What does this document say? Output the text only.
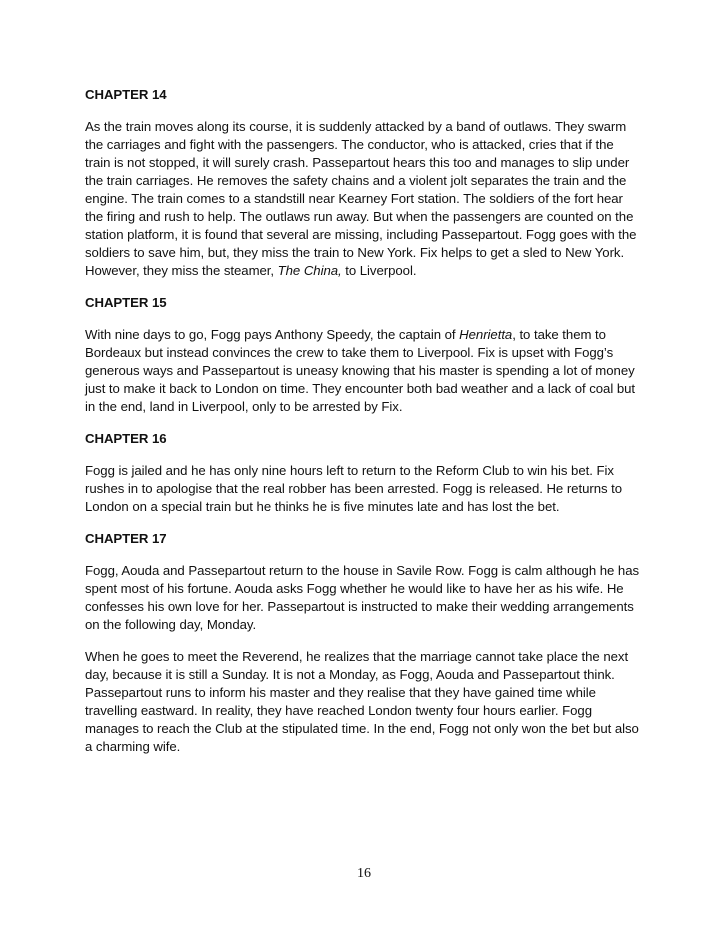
CHAPTER 14
As the train moves along its course, it is suddenly attacked by a band of outlaws. They swarm
the carriages and fight with the passengers. The conductor, who is attacked, cries that if the
train is not stopped, it will surely crash. Passepartout hears this too and manages to slip under
the train carriages. He removes the safety chains and a violent jolt separates the train and the
engine. The train comes to a standstill near Kearney Fort station. The soldiers of the fort hear
the firing and rush to help. The outlaws run away. But when the passengers are counted on the
station platform, it is found that several are missing, including Passepartout. Fogg goes with the
soldiers to save him, but, they miss the train to New York. Fix helps to get a sled to New York.
However, they miss the steamer, The China, to Liverpool.
CHAPTER 15
With nine days to go, Fogg pays Anthony Speedy, the captain of Henrietta, to take them to
Bordeaux but instead convinces the crew to take them to Liverpool. Fix is upset with Fogg’s
generous ways and Passepartout is uneasy knowing that his master is spending a lot of money
just to make it back to London on time. They encounter both bad weather and a lack of coal but
in the end, land in Liverpool, only to be arrested by Fix.
CHAPTER 16
Fogg is jailed and he has only nine hours left to return to the Reform Club to win his bet. Fix
rushes in to apologise that the real robber has been arrested. Fogg is released. He returns to
London on a special train but he thinks he is five minutes late and has lost the bet.
CHAPTER 17
Fogg, Aouda and Passepartout return to the house in Savile Row. Fogg is calm although he has
spent most of his fortune. Aouda asks Fogg whether he would like to have her as his wife. He
confesses his own love for her. Passepartout is instructed to make their wedding arrangements
on the following day, Monday.
When he goes to meet the Reverend, he realizes that the marriage cannot take place the next
day, because it is still a Sunday. It is not a Monday, as Fogg, Aouda and Passepartout think.
Passepartout runs to inform his master and they realise that they have gained time while
travelling eastward. In reality, they have reached London twenty four hours earlier. Fogg
manages to reach the Club at the stipulated time. In the end, Fogg not only won the bet but also
a charming wife.
16
